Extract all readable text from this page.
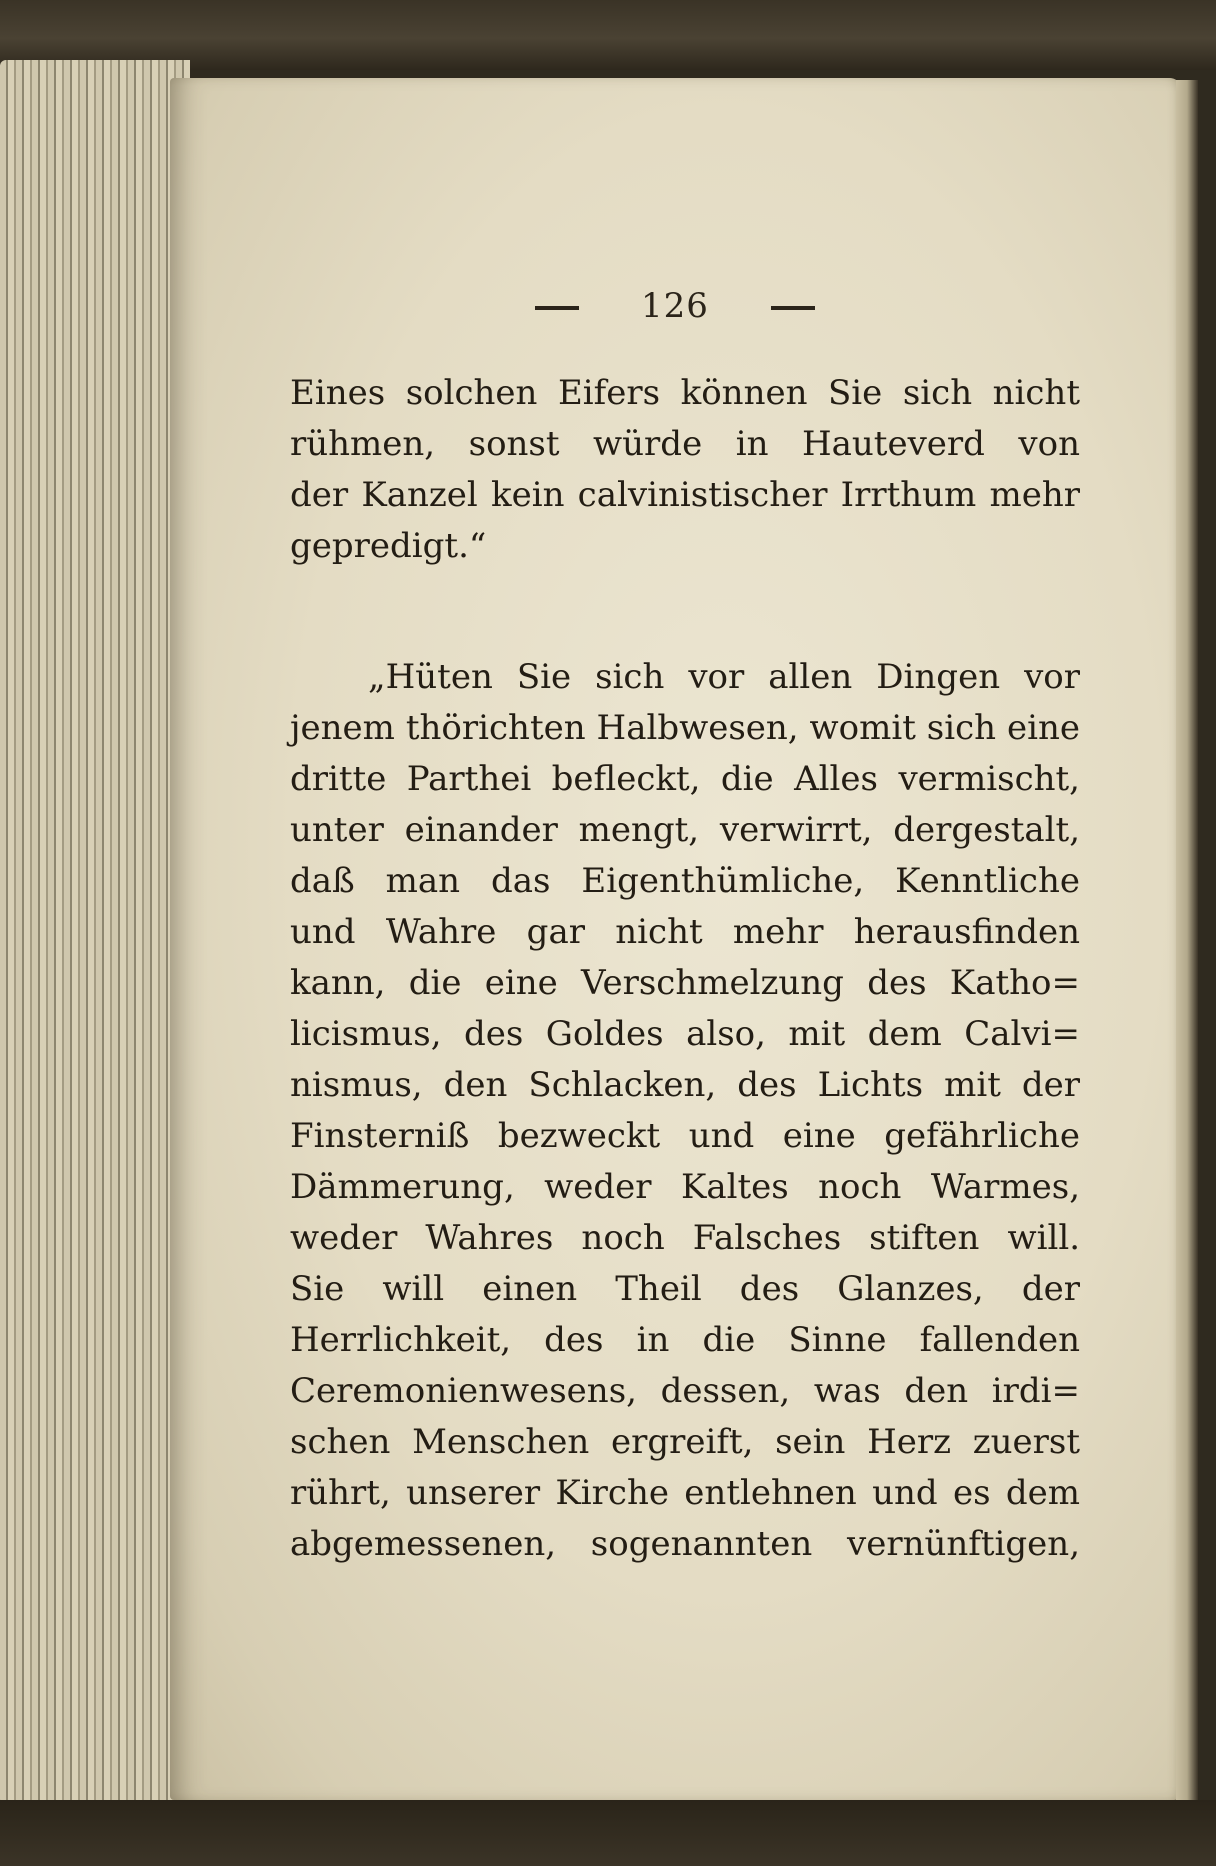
126
Eines solchen Eifers können Sie sich nicht
rühmen, sonst würde in Hauteverd von
der Kanzel kein calvinistischer Irrthum mehr
gepredigt.“
„Hüten Sie sich vor allen Dingen vor
jenem thörichten Halbwesen, womit sich eine
dritte Parthei befleckt, die Alles vermischt,
unter einander mengt, verwirrt, dergestalt,
daß man das Eigenthümliche, Kenntliche
und Wahre gar nicht mehr herausfinden
kann, die eine Verschmelzung des Katho=
licismus, des Goldes also, mit dem Calvi=
nismus, den Schlacken, des Lichts mit der
Finsterniß bezweckt und eine gefährliche
Dämmerung, weder Kaltes noch Warmes,
weder Wahres noch Falsches stiften will.
Sie will einen Theil des Glanzes, der
Herrlichkeit, des in die Sinne fallenden
Ceremonienwesens, dessen, was den irdi=
schen Menschen ergreift, sein Herz zuerst
rührt, unserer Kirche entlehnen und es dem
abgemessenen, sogenannten vernünftigen,
